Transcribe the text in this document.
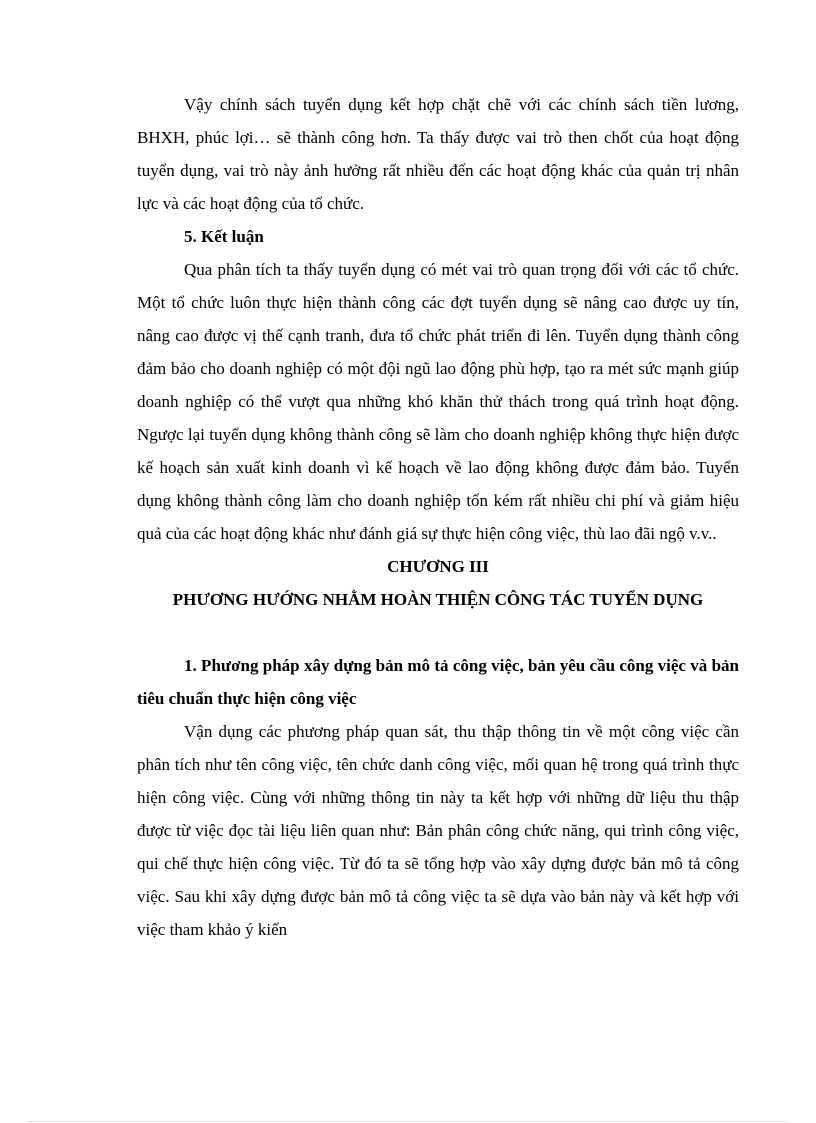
Vậy chính sách tuyển dụng kết hợp chặt chẽ với các chính sách tiền lương, BHXH, phúc lợi… sẽ thành công hơn. Ta thấy được vai trò then chốt của hoạt động tuyển dụng, vai trò này ảnh hưởng rất nhiều đến các hoạt động khác của quản trị nhân lực và các hoạt động của tổ chức.

5. Kết luận

Qua phân tích ta thấy tuyển dụng có mét vai trò quan trọng đối với các tổ chức. Một tổ chức luôn thực hiện thành công các đợt tuyển dụng sẽ nâng cao được uy tín, nâng cao được vị thế cạnh tranh, đưa tổ chức phát triển đi lên. Tuyển dụng thành công đảm bảo cho doanh nghiệp có một đội ngũ lao động phù hợp, tạo ra mét sức mạnh giúp doanh nghiệp có thể vượt qua những khó khăn thử thách trong quá trình hoạt động. Ngược lại tuyển dụng không thành công sẽ làm cho doanh nghiệp không thực hiện được kế hoạch sản xuất kinh doanh vì kế hoạch về lao động không được đảm bảo. Tuyển dụng không thành công làm cho doanh nghiệp tốn kém rất nhiều chi phí và giảm hiệu quả của các hoạt động khác như đánh giá sự thực hiện công việc, thù lao đãi ngộ v.v..

CHƯƠNG III

PHƯƠNG HƯỚNG NHẰM HOÀN THIỆN CÔNG TÁC TUYỂN DỤNG

1. Phương pháp xây dựng bản mô tả công việc, bản yêu cầu công việc và bản tiêu chuẩn thực hiện công việc

Vận dụng các phương pháp quan sát, thu thập thông tin về một công việc cần phân tích như tên công việc, tên chức danh công việc, mối quan hệ trong quá trình thực hiện công việc. Cùng với những thông tin này ta kết hợp với những dữ liệu thu thập được từ việc đọc tài liệu liên quan như: Bản phân công chức năng, qui trình công việc, qui chế thực hiện công việc. Từ đó ta sẽ tổng hợp vào xây dựng được bản mô tả công việc. Sau khi xây dựng được bản mô tả công việc ta sẽ dựa vào bản này và kết hợp với việc tham khảo ý kiến
